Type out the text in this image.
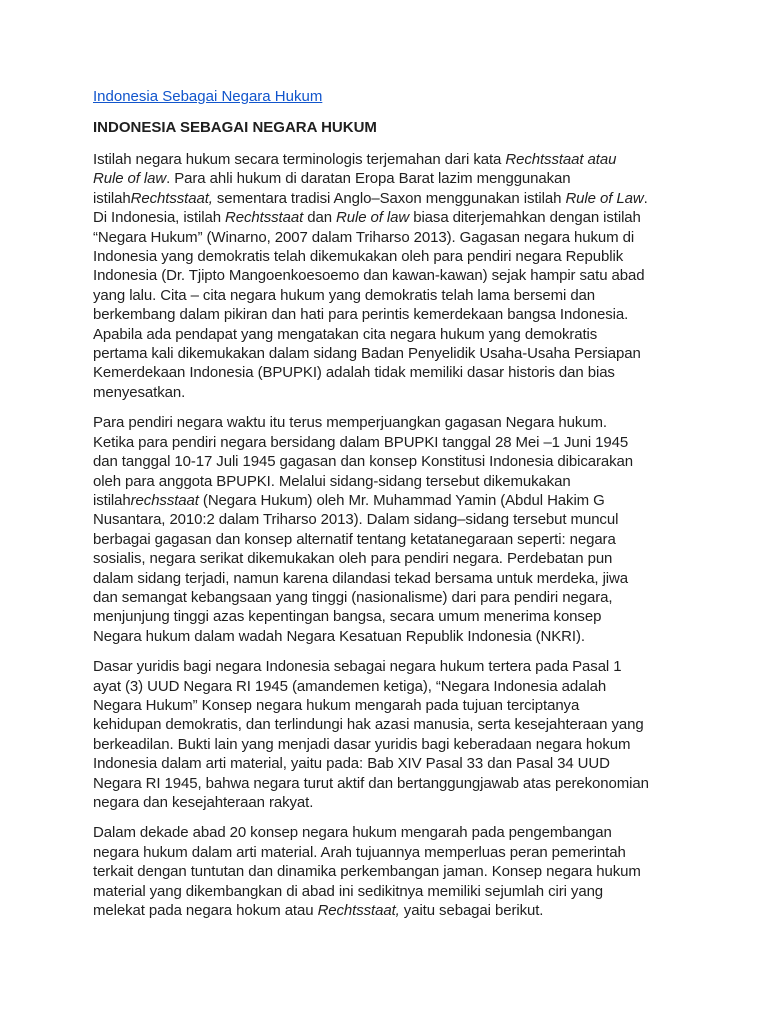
Indonesia Sebagai Negara Hukum
INDONESIA SEBAGAI NEGARA HUKUM

Istilah negara hukum secara terminologis terjemahan dari kata Rechtsstaat atau
Rule of law. Para ahli hukum di daratan Eropa Barat lazim menggunakan
istilahRechtsstaat, sementara tradisi Anglo–Saxon menggunakan istilah Rule of Law.
Di Indonesia, istilah Rechtsstaat dan Rule of law biasa diterjemahkan dengan istilah
“Negara Hukum” (Winarno, 2007 dalam Triharso 2013). Gagasan negara hukum di
Indonesia yang demokratis telah dikemukakan oleh para pendiri negara Republik
Indonesia (Dr. Tjipto Mangoenkoesoemo dan kawan-kawan) sejak hampir satu abad
yang lalu. Cita – cita negara hukum yang demokratis telah lama bersemi dan
berkembang dalam pikiran dan hati para perintis kemerdekaan bangsa Indonesia.
Apabila ada pendapat yang mengatakan cita negara hukum yang demokratis
pertama kali dikemukakan dalam sidang Badan Penyelidik Usaha-Usaha Persiapan
Kemerdekaan Indonesia (BPUPKI) adalah tidak memiliki dasar historis dan bias
menyesatkan.

Para pendiri negara waktu itu terus memperjuangkan gagasan Negara hukum.
Ketika para pendiri negara bersidang dalam BPUPKI tanggal 28 Mei –1 Juni 1945
dan tanggal 10-17 Juli 1945 gagasan dan konsep Konstitusi Indonesia dibicarakan
oleh para anggota BPUPKI. Melalui sidang-sidang tersebut dikemukakan
istilahrechsstaat (Negara Hukum) oleh Mr. Muhammad Yamin (Abdul Hakim G
Nusantara, 2010:2 dalam Triharso 2013). Dalam sidang–sidang tersebut muncul
berbagai gagasan dan konsep alternatif tentang ketatanegaraan seperti: negara
sosialis, negara serikat dikemukakan oleh para pendiri negara. Perdebatan pun
dalam sidang terjadi, namun karena dilandasi tekad bersama untuk merdeka, jiwa
dan semangat kebangsaan yang tinggi (nasionalisme) dari para pendiri negara,
menjunjung tinggi azas kepentingan bangsa, secara umum menerima konsep
Negara hukum dalam wadah Negara Kesatuan Republik Indonesia (NKRI).

Dasar yuridis bagi negara Indonesia sebagai negara hukum tertera pada Pasal 1
ayat (3) UUD Negara RI 1945 (amandemen ketiga), “Negara Indonesia adalah
Negara Hukum” Konsep negara hukum mengarah pada tujuan terciptanya
kehidupan demokratis, dan terlindungi hak azasi manusia, serta kesejahteraan yang
berkeadilan. Bukti lain yang menjadi dasar yuridis bagi keberadaan negara hokum
Indonesia dalam arti material, yaitu pada: Bab XIV Pasal 33 dan Pasal 34 UUD
Negara RI 1945, bahwa negara turut aktif dan bertanggungjawab atas perekonomian
negara dan kesejahteraan rakyat.

Dalam dekade abad 20 konsep negara hukum mengarah pada pengembangan
negara hukum dalam arti material. Arah tujuannya memperluas peran pemerintah
terkait dengan tuntutan dan dinamika perkembangan jaman. Konsep negara hukum
material yang dikembangkan di abad ini sedikitnya memiliki sejumlah ciri yang
melekat pada negara hokum atau Rechtsstaat, yaitu sebagai berikut.
